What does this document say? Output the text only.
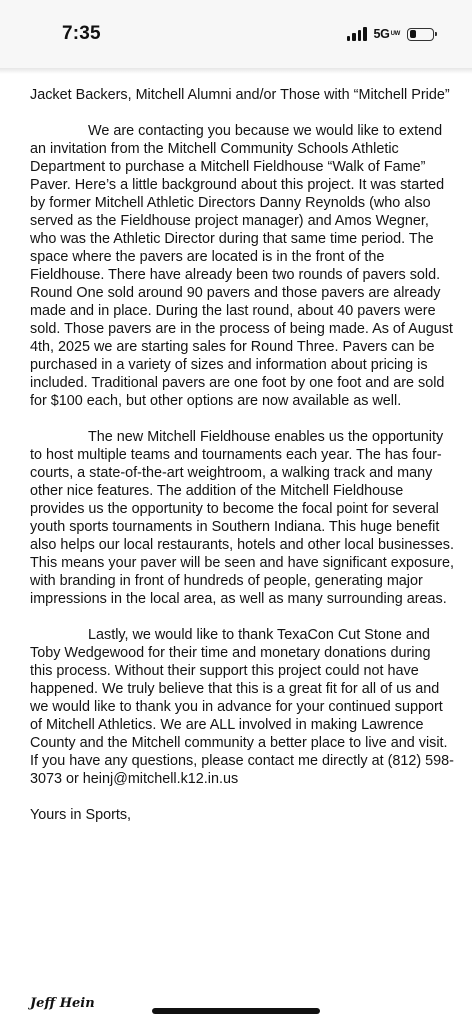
7:35	5G UW

Jacket Backers, Mitchell Alumni and/or Those with “Mitchell Pride”

We are contacting you because we would like to extend an invitation from the Mitchell Community Schools Athletic Department to purchase a Mitchell Fieldhouse “Walk of Fame” Paver. Here’s a little background about this project. It was started by former Mitchell Athletic Directors Danny Reynolds (who also served as the Fieldhouse project manager) and Amos Wegner, who was the Athletic Director during that same time period. The space where the pavers are located is in the front of the Fieldhouse. There have already been two rounds of pavers sold. Round One sold around 90 pavers and those pavers are already made and in place. During the last round, about 40 pavers were sold. Those pavers are in the process of being made. As of August 4th, 2025 we are starting sales for Round Three. Pavers can be purchased in a variety of sizes and information about pricing is included. Traditional pavers are one foot by one foot and are sold for $100 each, but other options are now available as well.

The new Mitchell Fieldhouse enables us the opportunity to host multiple teams and tournaments each year. The has four-courts, a state-of-the-art weightroom, a walking track and many other nice features. The addition of the Mitchell Fieldhouse provides us the opportunity to become the focal point for several youth sports tournaments in Southern Indiana. This huge benefit also helps our local restaurants, hotels and other local businesses. This means your paver will be seen and have significant exposure, with branding in front of hundreds of people, generating major impressions in the local area, as well as many surrounding areas.

Lastly, we would like to thank TexaCon Cut Stone and Toby Wedgewood for their time and monetary donations during this process. Without their support this project could not have happened. We truly believe that this is a great fit for all of us and we would like to thank you in advance for your continued support of Mitchell Athletics. We are ALL involved in making Lawrence County and the Mitchell community a better place to live and visit. If you have any questions, please contact me directly at (812) 598-3073 or heinj@mitchell.k12.in.us

Yours in Sports,

Jeff Hein
